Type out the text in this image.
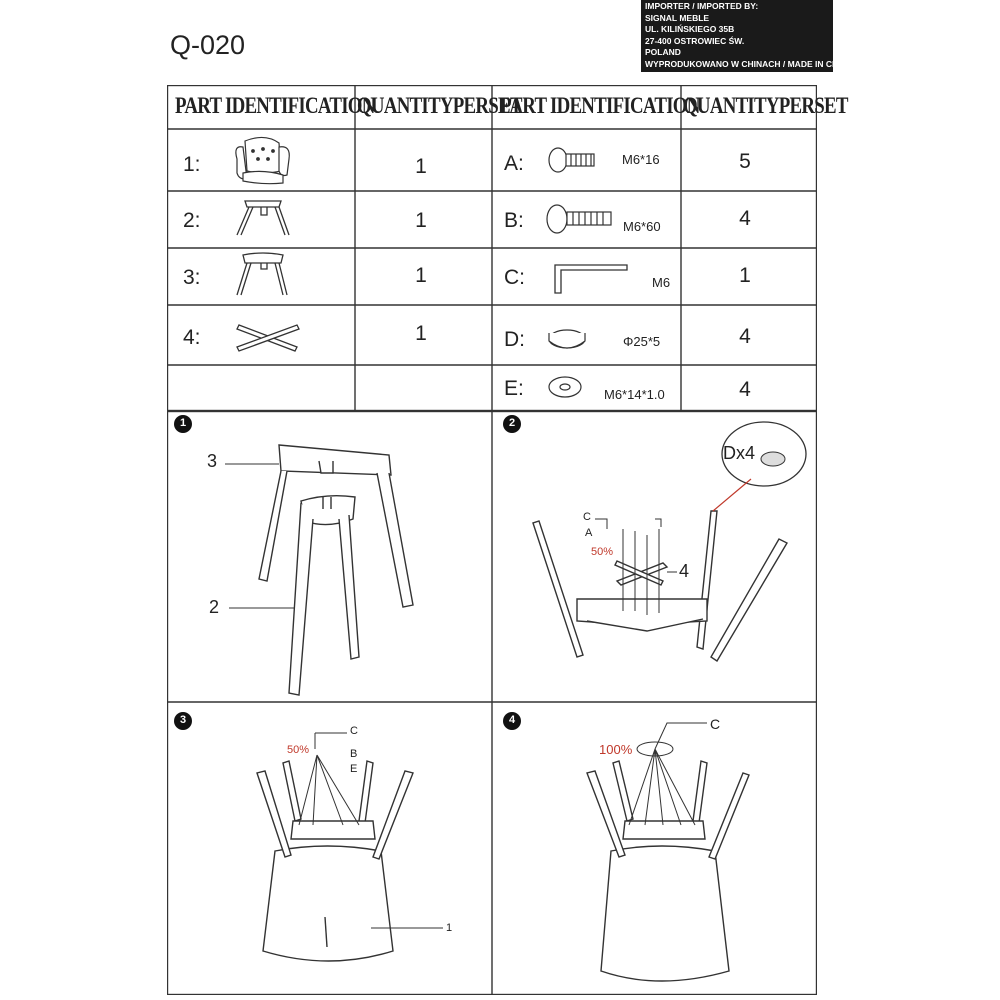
Q-020
IMPORTER / IMPORTED BY:
SIGNAL MEBLE
UL. KILIŃSKIEGO 35B
27-400 OSTROWIEC ŚW.
POLAND
WYPRODUKOWANO W CHINACH / MADE IN CHINA
PART IDENTIFICATION
QUANTITYPERSET
PART IDENTIFICATION
QUANTITYPERSET
1:
2:
3:
4:
1
1
1
1
A:
B:
C:
D:
E:
M6*16
M6*60
M6
Φ25*5
M6*14*1.0
5
4
1
4
4
3
2
Dx4
C
A
50%
4
C
B
E
50%
1
C
100%
1	2
3	4
